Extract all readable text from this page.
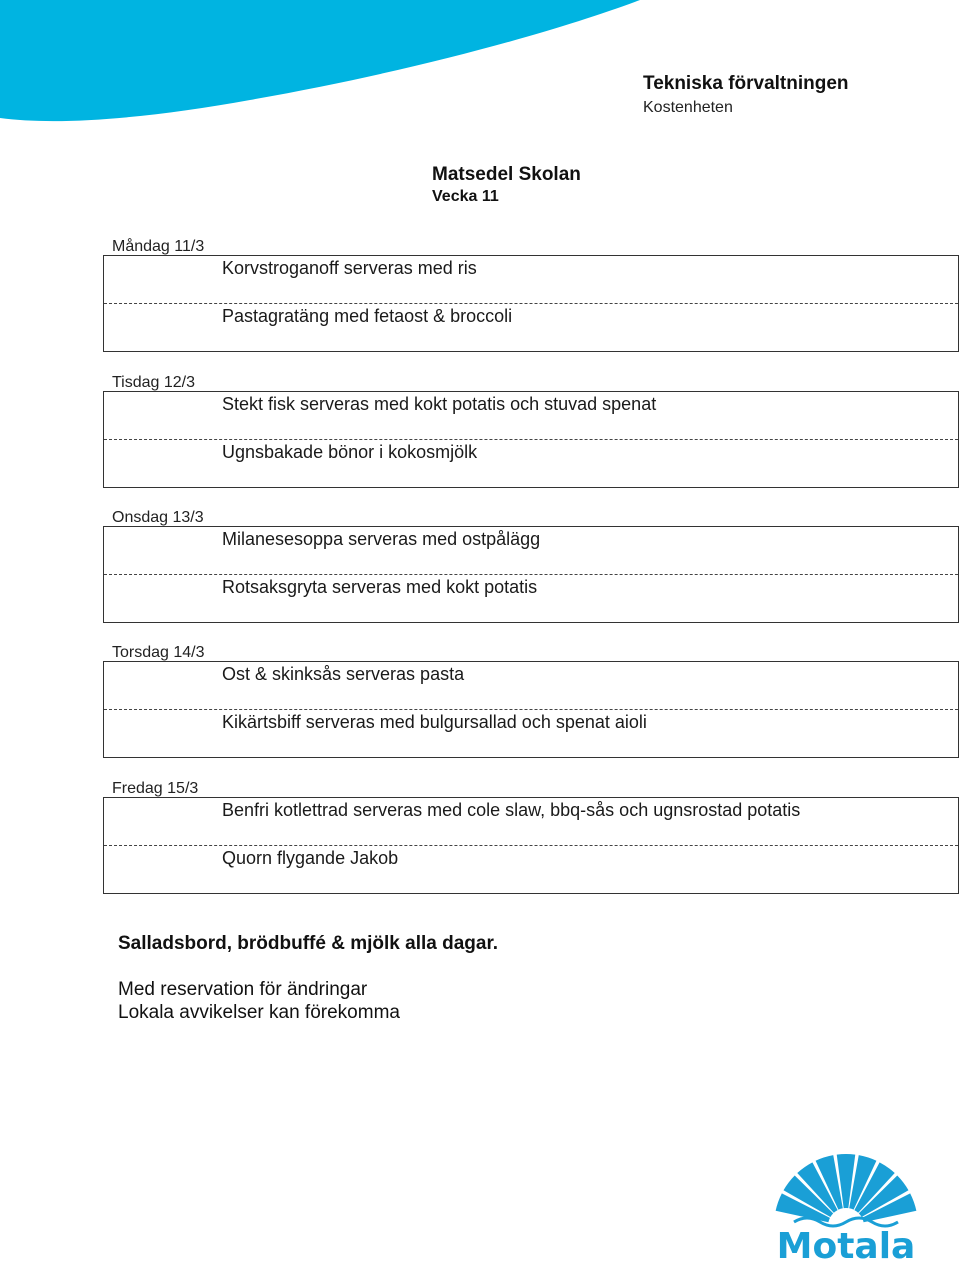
Tekniska förvaltningen
Kostenheten
Matsedel Skolan
Vecka 11
Måndag 11/3
Korvstroganoff serveras med ris
Pastagratäng med fetaost & broccoli
Tisdag 12/3
Stekt fisk serveras med kokt potatis och stuvad spenat
Ugnsbakade bönor i kokosmjölk
Onsdag 13/3
Milanesesoppa serveras med ostpålägg
Rotsaksgryta serveras med kokt potatis
Torsdag 14/3
Ost & skinksås serveras pasta
Kikärtsbiff serveras med bulgursallad och spenat aioli
Fredag 15/3
Benfri kotlettrad serveras med cole slaw, bbq-sås och ugnsrostad potatis
Quorn flygande Jakob
Salladsbord, brödbuffé & mjölk alla dagar.
Med reservation för ändringar
Lokala avvikelser kan förekomma
Motala
